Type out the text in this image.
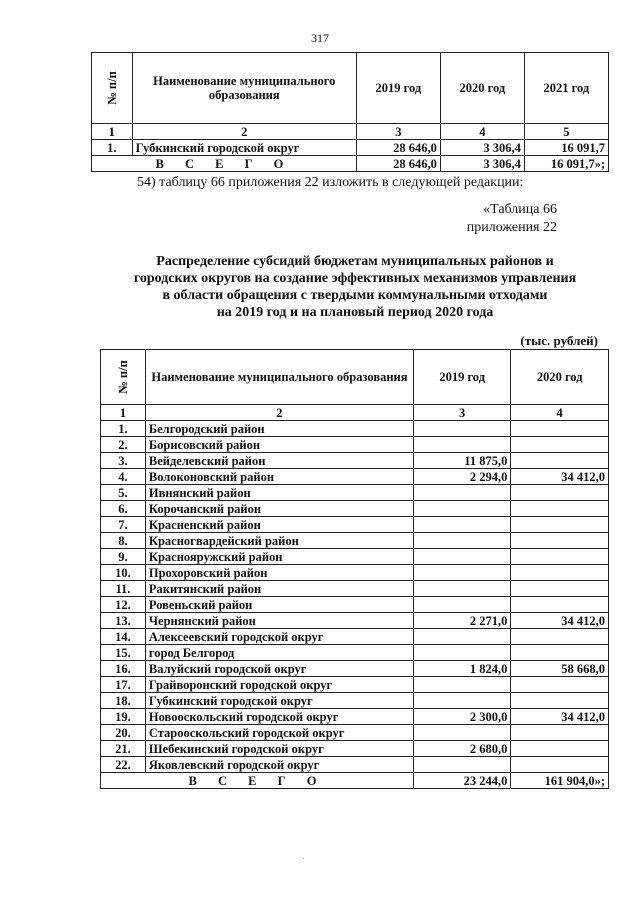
317
№ п/п	Наименование муниципального образования	2019 год	2020 год	2021 год
1	2	3	4	5
1.	Губкинский городской округ	28 646,0	3 306,4	16 091,7
В С Е Г О		28 646,0	3 306,4	16 091,7»;
54) таблицу 66 приложения 22 изложить в следующей редакции:
«Таблица 66
приложения 22
Распределение субсидий бюджетам муниципальных районов и
городских округов на создание эффективных механизмов управления
в области обращения с твердыми коммунальными отходами
на 2019 год и на плановый период 2020 года
(тыс. рублей)
№ п/п	Наименование муниципального образования	2019 год	2020 год
1	2	3	4
1.	Белгородский район		
2.	Борисовский район		
3.	Вейделевский район	11 875,0	
4.	Волоконовский район	2 294,0	34 412,0
5.	Ивнянский район		
6.	Корочанский район		
7.	Красненский район		
8.	Красногвардейский район		
9.	Краснояружский район		
10.	Прохоровский район		
11.	Ракитянский район		
12.	Ровеньский район		
13.	Чернянский район	2 271,0	34 412,0
14.	Алексеевский городской округ		
15.	город Белгород		
16.	Валуйский городской округ	1 824,0	58 668,0
17.	Грайворонский городской округ		
18.	Губкинский городской округ		
19.	Новооскольский городской округ	2 300,0	34 412,0
20.	Старооскольский городской округ		
21.	Шебекинский городской округ	2 680,0	
22.	Яковлевский городской округ		
В С Е Г О		23 244,0	161 904,0»;
.
